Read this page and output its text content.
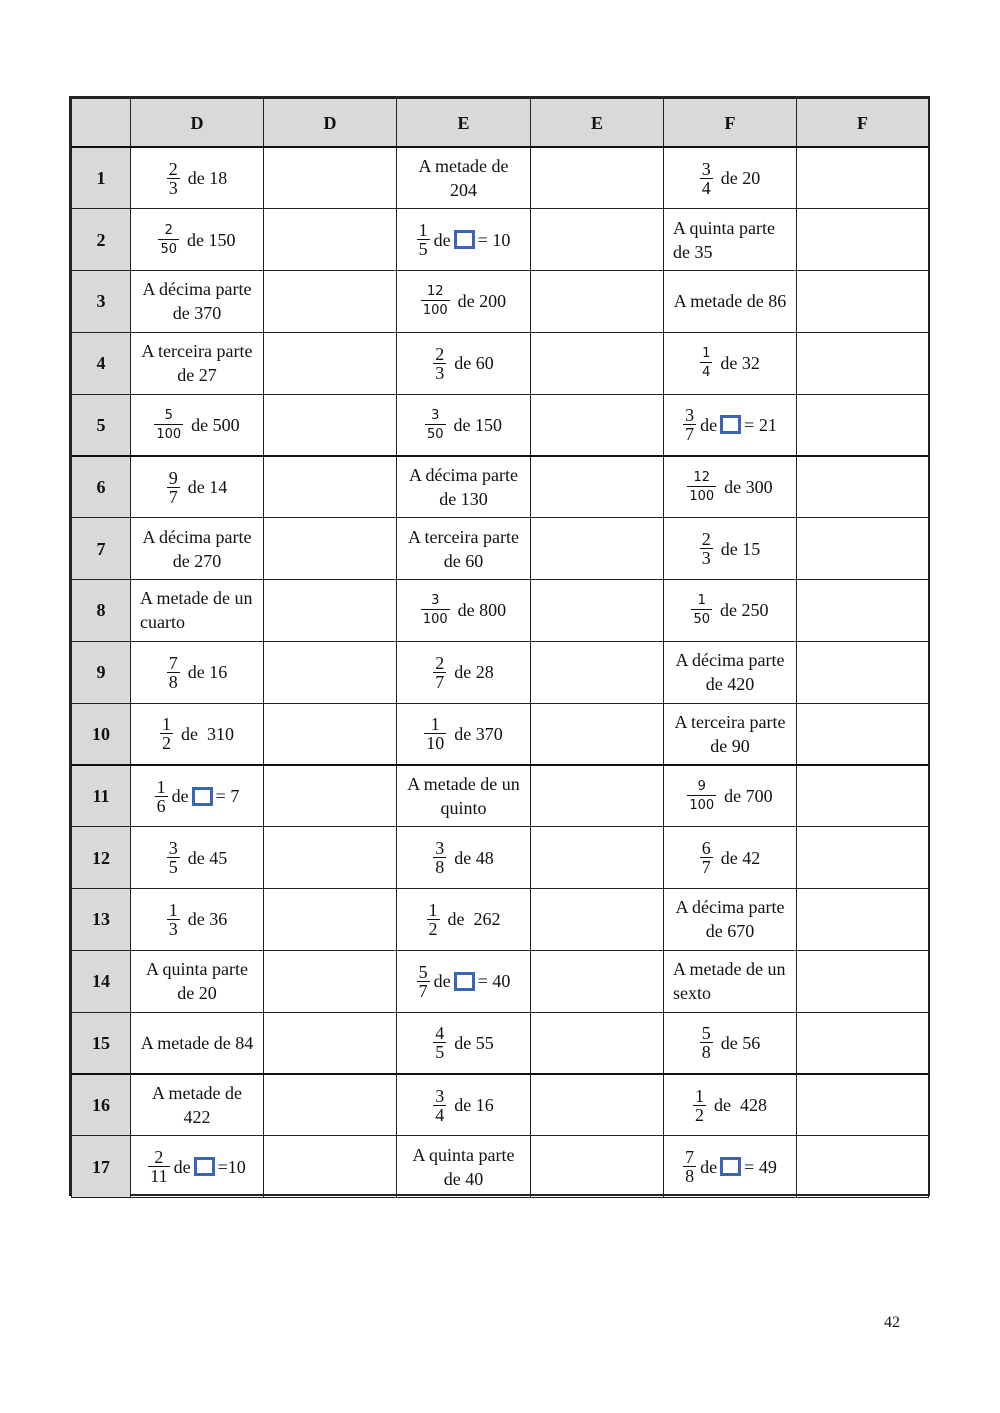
	D	D	E	E	F	F
1	$\frac{2}{3}$ de 18		A metade de 204		$\frac{3}{4}$ de 20	

2	$\frac{2}{50}$ de 150		$\frac{1}{5}$ de = 10		A quinta parte de 35	

3	A décima parte de 370		$\frac{12}{100}$ de 200		A metade de 86	

4	A terceira parte de 27		$\frac{2}{3}$ de 60		$\frac{1}{4}$ de 32	

5	$\frac{5}{100}$ de 500		$\frac{3}{50}$ de 150		$\frac{3}{7}$ de = 21	

6	$\frac{9}{7}$ de 14		A décima parte de 130		$\frac{12}{100}$ de 300	

7	A décima parte de 270		A terceira parte de 60		$\frac{2}{3}$ de 15	

8	A metade de un cuarto		$\frac{3}{100}$ de 800		$\frac{1}{50}$ de 250	

9	$\frac{7}{8}$ de 16		$\frac{2}{7}$ de 28		A décima parte de 420	

10	$\frac{1}{2}$ de  310		$\frac{1}{10}$ de 370		A terceira parte de 90	

11	$\frac{1}{6}$ de = 7		A metade de un quinto		$\frac{9}{100}$ de 700	

12	$\frac{3}{5}$ de 45		$\frac{3}{8}$ de 48		$\frac{6}{7}$ de 42	

13	$\frac{1}{3}$ de 36		$\frac{1}{2}$ de  262		A décima parte de 670	

14	A quinta parte de 20		$\frac{5}{7}$ de = 40		A metade de un sexto	

15	A metade de 84		$\frac{4}{5}$ de 55		$\frac{5}{8}$ de 56	

16	A metade de 422		$\frac{3}{4}$ de 16		$\frac{1}{2}$ de  428	

17	$\frac{2}{11}$ de =10		A quinta parte de 40		$\frac{7}{8}$ de = 49	

42
